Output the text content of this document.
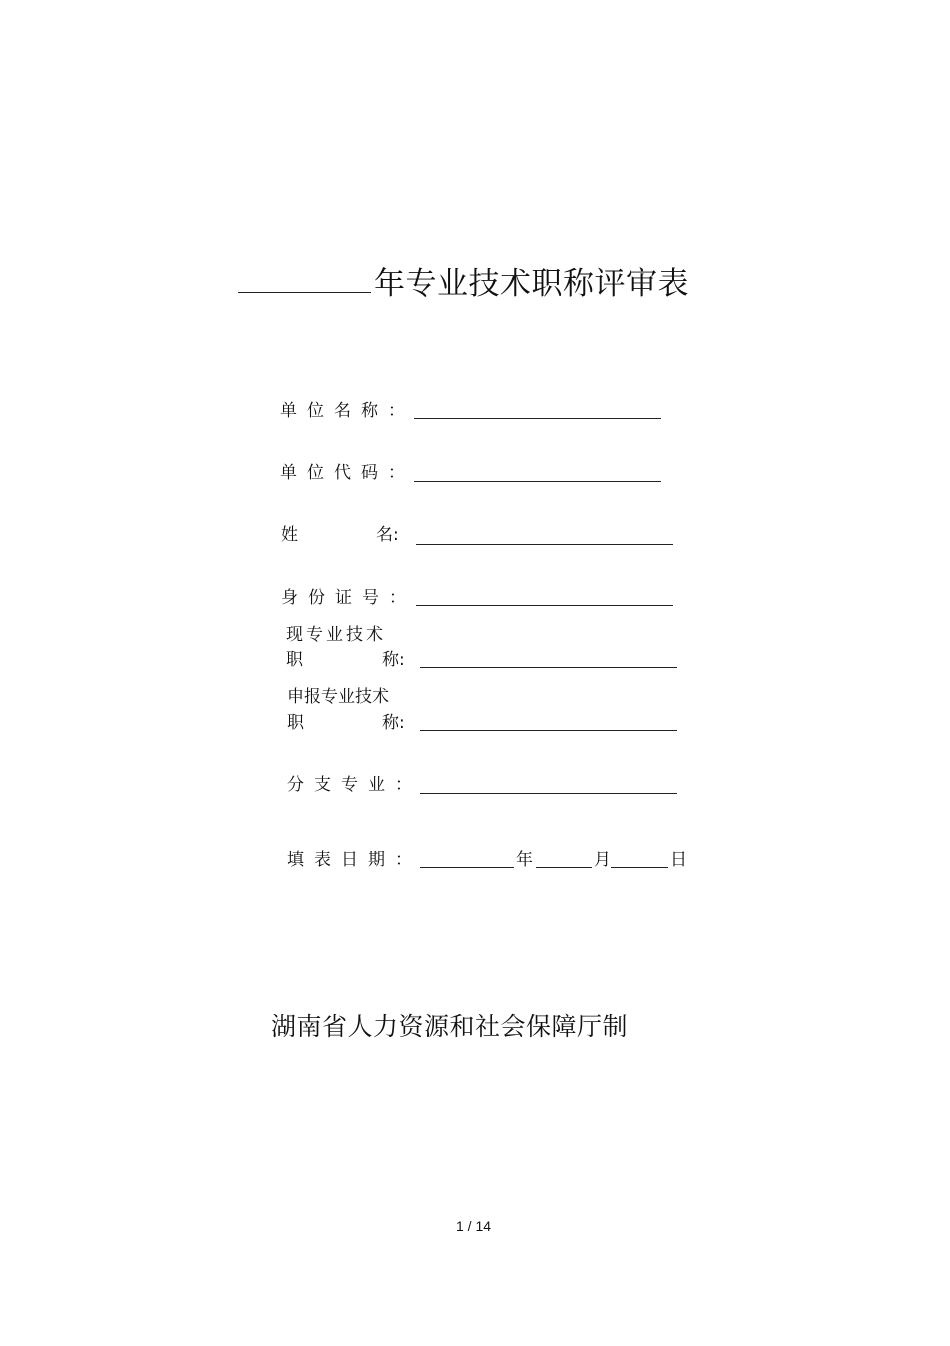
年专业技术职称评审表
单位名称：
单位代码：
姓	名:
身份证号：
现专业技术
职	称:
申报专业技术
职	称:
分支专业：
填表日期：	年	月	日
湖南省人力资源和社会保障厅制
1 / 14
